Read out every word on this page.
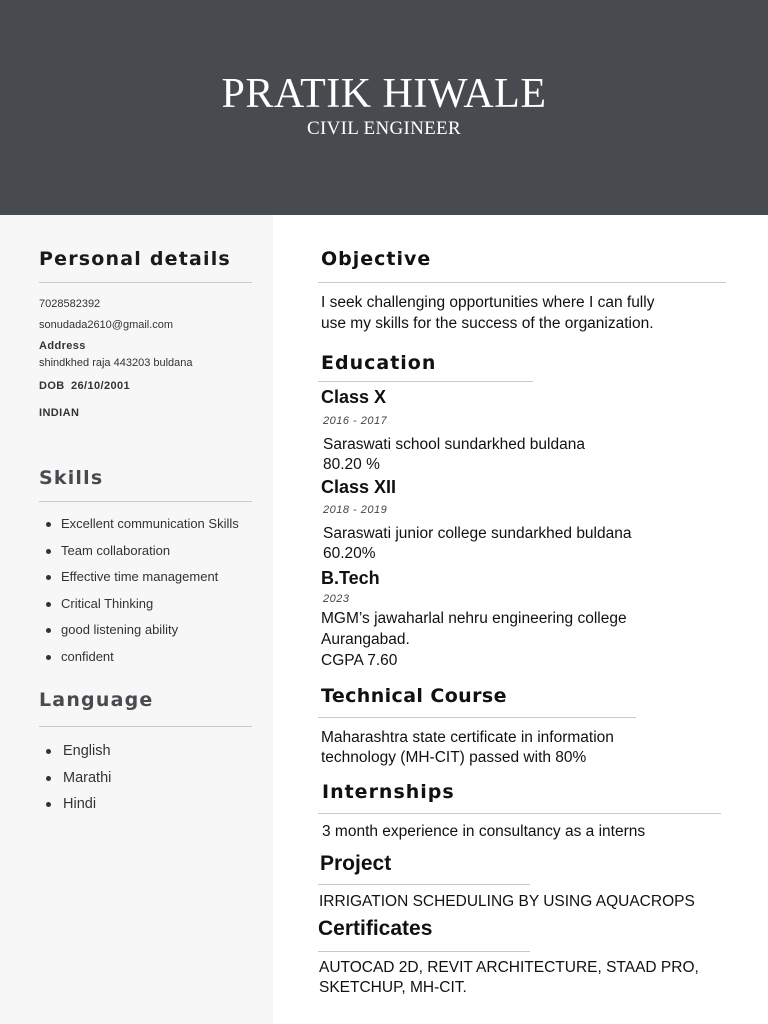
PRATIK HIWALE
CIVIL ENGINEER
Personal details
7028582392
sonudada2610@gmail.com
Address
shindkhed raja 443203 buldana
DOB 26/10/2001
INDIAN
Skills
Excellent communication Skills
Team collaboration
Effective time management
Critical Thinking
good listening ability
confident
Language
English
Marathi
Hindi
Objective
I seek challenging opportunities where I can fully
use my skills for the success of the organization.
Education
Class X
2016 - 2017
Saraswati school sundarkhed buldana
80.20 %
Class XII
2018 - 2019
Saraswati junior college sundarkhed buldana
60.20%
B.Tech
2023
MGM’s jawaharlal nehru engineering college
Aurangabad.
CGPA 7.60
Technical Course
Maharashtra state certificate in information
technology (MH-CIT) passed with 80%
Internships
3 month experience in consultancy as a interns
Project
IRRIGATION SCHEDULING BY USING AQUACROPS
Certificates
AUTOCAD 2D, REVIT ARCHITECTURE, STAAD PRO,
SKETCHUP, MH-CIT.
